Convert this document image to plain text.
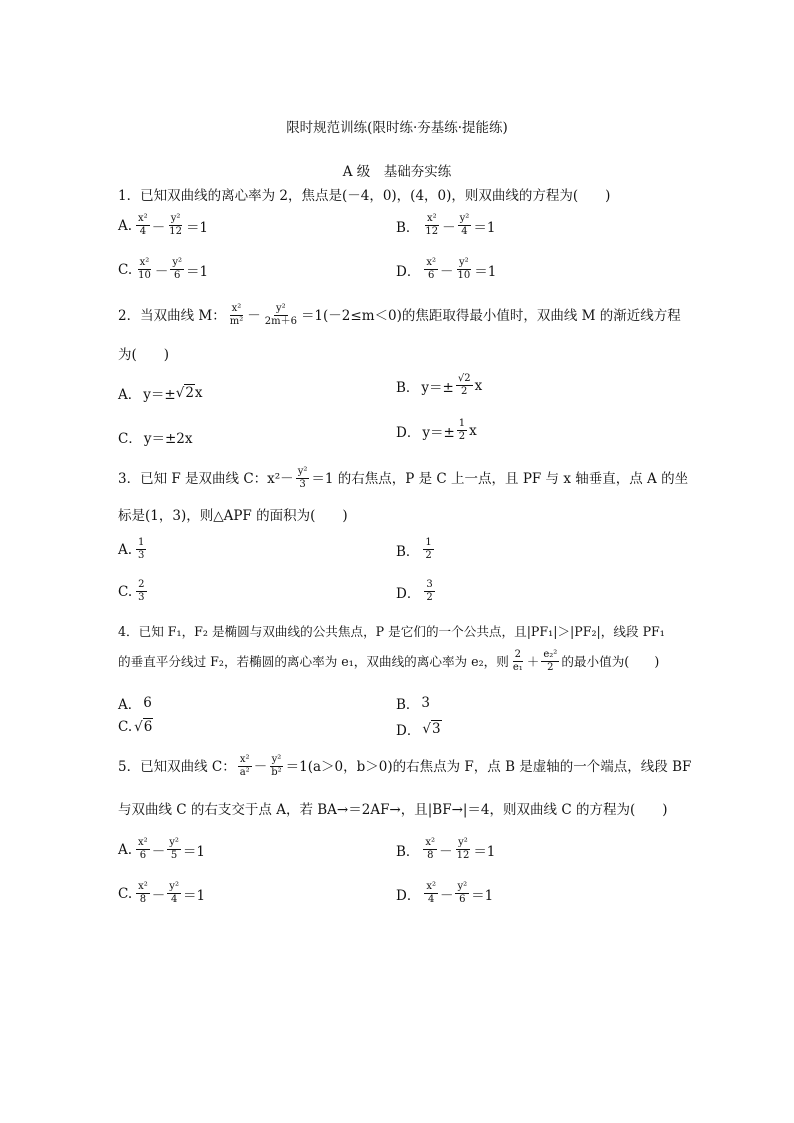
限时规范训练(限时练·夯基练·提能练)
A 级　基础夯实练
1．已知双曲线的离心率为 2，焦点是(－4，0)，(4，0)，则双曲线的方程为(　　)
A. $\frac{\text{x²}}{4} - \frac{\text{y²}}{12} =1$	B． $\frac{\text{x²}}{12} - \frac{\text{y²}}{4} =1$
C. $\frac{\text{x²}}{10} - \frac{\text{y²}}{6} =1$	D． $\frac{\text{x²}}{6} - \frac{\text{y²}}{10} =1$
2．当双曲线 M： $\frac{\text{x²}}{\text{m²}} - \frac{\text{y²}}{2m+6} =1(-2\le m<0)$的焦距取得最小值时，双曲线 M 的渐近线方程
为(　　)
A． y＝± √2 x	B． $y=\pm \frac{√2}{2}$ x
C． y＝±2x	D． $y=\pm \frac{1}{2}$ x
3．已知 F 是双曲线 C：$x^2- \frac{\text{y²}}{3} =1$ 的右焦点，P 是 C 上一点，且 PF 与 x 轴垂直，点 A 的坐
标是(1，3)，则△APF 的面积为(　　)
A. $\frac{1}{3}$	B． $\frac{1}{2}$
C. $\frac{2}{3}$	D． $\frac{3}{2}$
4．已知 F₁，F₂ 是椭圆与双曲线的公共焦点，P 是它们的一个公共点，且|PF₁|＞|PF₂|，线段 PF₁
的垂直平分线过 F₂，若椭圆的离心率为 e₁，双曲线的离心率为 e₂，则 $\frac{2}{\text{e₁}} + \frac{\text{e₂²}}{2}$ 的最小值为(　　)
A． 6	B． 3
C. √6	D． √3
5．已知双曲线 C： $\frac{\text{x²}}{\text{a²}} - \frac{\text{y²}}{\text{b²}} =1(a>0$，b＞0)的右焦点为 F，点 B 是虚轴的一个端点，线段 BF
与双曲线 C 的右支交于点 A，若 BA→＝2AF→，且|BF→|＝4，则双曲线 C 的方程为(　　)
A. $\frac{\text{x²}}{6} - \frac{\text{y²}}{5} =1$	B． $\frac{\text{x²}}{8} - \frac{\text{y²}}{12} =1$
C. $\frac{\text{x²}}{8} - \frac{\text{y²}}{4} =1$	D． $\frac{\text{x²}}{4} - \frac{\text{y²}}{6} =1$
